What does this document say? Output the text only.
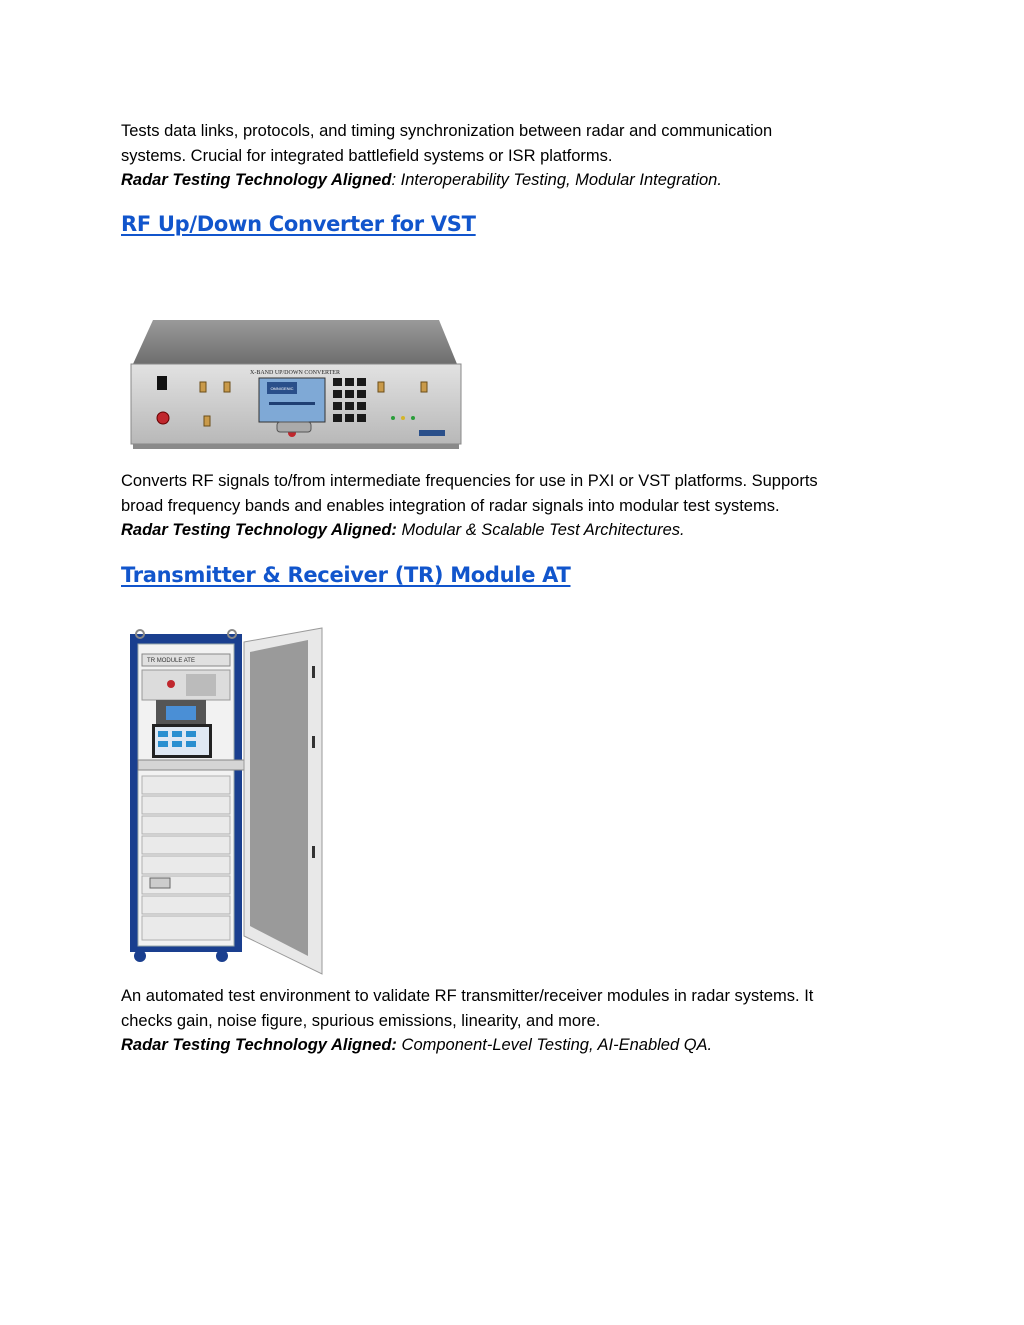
Tests data links, protocols, and timing synchronization between radar and communication
systems. Crucial for integrated battlefield systems or ISR platforms.
Radar Testing Technology Aligned: Interoperability Testing, Modular Integration.

RF Up/Down Converter for VST
X-BAND UP/DOWN CONVERTER
OMNIGENIC

Converts RF signals to/from intermediate frequencies for use in PXI or VST platforms. Supports
broad frequency bands and enables integration of radar signals into modular test systems.
Radar Testing Technology Aligned: Modular & Scalable Test Architectures.

Transmitter & Receiver (TR) Module AT
TR MODULE ATE

An automated test environment to validate RF transmitter/receiver modules in radar systems. It
checks gain, noise figure, spurious emissions, linearity, and more.
Radar Testing Technology Aligned: Component-Level Testing, AI-Enabled QA.
